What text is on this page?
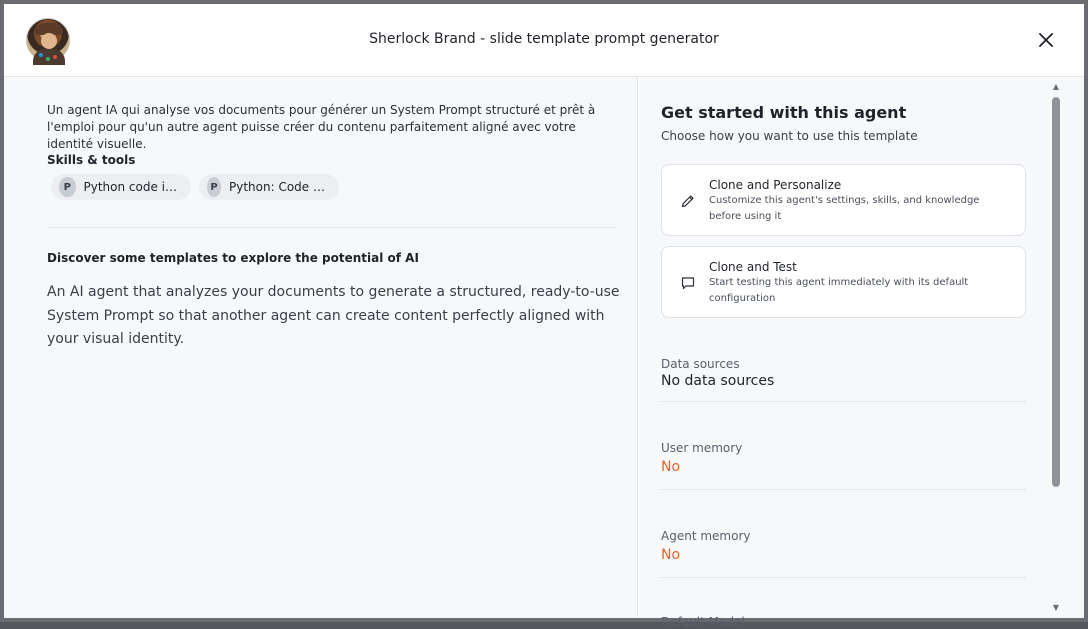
Sherlock Brand - slide template prompt generator
Un agent IA qui analyse vos documents pour générer un System Prompt structuré et prêt à l'emploi pour qu'un autre agent puisse créer du contenu parfaitement aligné avec votre identité visuelle.
Skills & tools
P	Python code i…	P Python: Code …
Discover some templates to explore the potential of AI
An AI agent that analyzes your documents to generate a structured, ready-to-use System Prompt so that another agent can create content perfectly aligned with your visual identity.
Get started with this agent
Choose how you want to use this template
Clone and Personalize
Customize this agent's settings, skills, and knowledge before using it
Clone and Test
Start testing this agent immediately with its default configuration
Data sources
No data sources
User memory
No
Agent memory
No
Default Model
▲
▼
